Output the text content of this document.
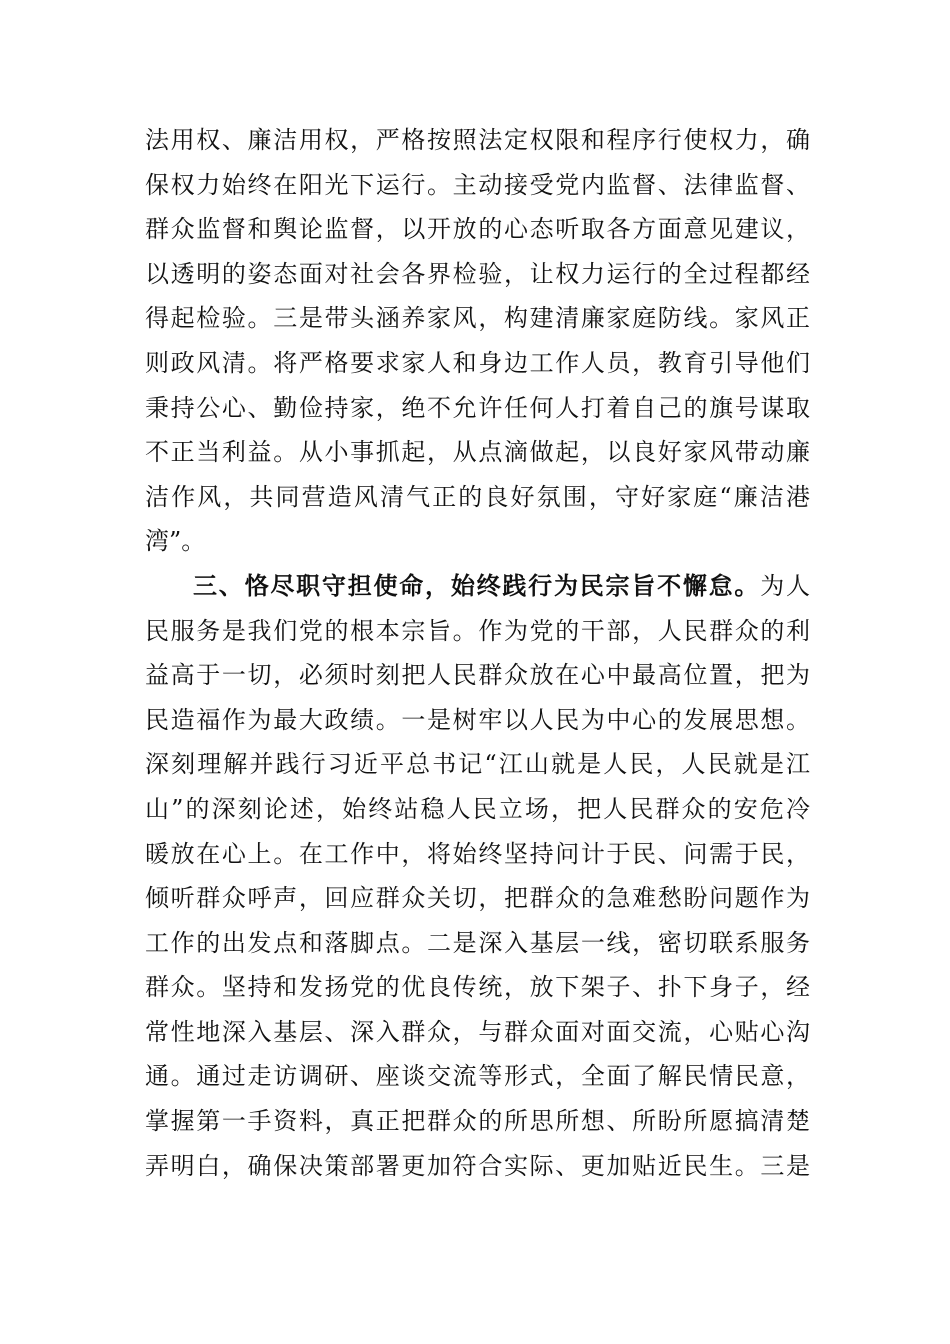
法用权、廉洁用权，严格按照法定权限和程序行使权力，确
保权力始终在阳光下运行。主动接受党内监督、法律监督、
群众监督和舆论监督，以开放的心态听取各方面意见建议，
以透明的姿态面对社会各界检验，让权力运行的全过程都经
得起检验。三是带头涵养家风，构建清廉家庭防线。家风正
则政风清。将严格要求家人和身边工作人员，教育引导他们
秉持公心、勤俭持家，绝不允许任何人打着自己的旗号谋取
不正当利益。从小事抓起，从点滴做起，以良好家风带动廉
洁作风，共同营造风清气正的良好氛围，守好家庭“廉洁港
湾”。
三、恪尽职守担使命，始终践行为民宗旨不懈怠。为人
民服务是我们党的根本宗旨。作为党的干部，人民群众的利
益高于一切，必须时刻把人民群众放在心中最高位置，把为
民造福作为最大政绩。一是树牢以人民为中心的发展思想。
深刻理解并践行习近平总书记“江山就是人民，人民就是江
山”的深刻论述，始终站稳人民立场，把人民群众的安危冷
暖放在心上。在工作中，将始终坚持问计于民、问需于民，
倾听群众呼声，回应群众关切，把群众的急难愁盼问题作为
工作的出发点和落脚点。二是深入基层一线，密切联系服务
群众。坚持和发扬党的优良传统，放下架子、扑下身子，经
常性地深入基层、深入群众，与群众面对面交流，心贴心沟
通。通过走访调研、座谈交流等形式，全面了解民情民意，
掌握第一手资料，真正把群众的所思所想、所盼所愿搞清楚
弄明白，确保决策部署更加符合实际、更加贴近民生。三是
